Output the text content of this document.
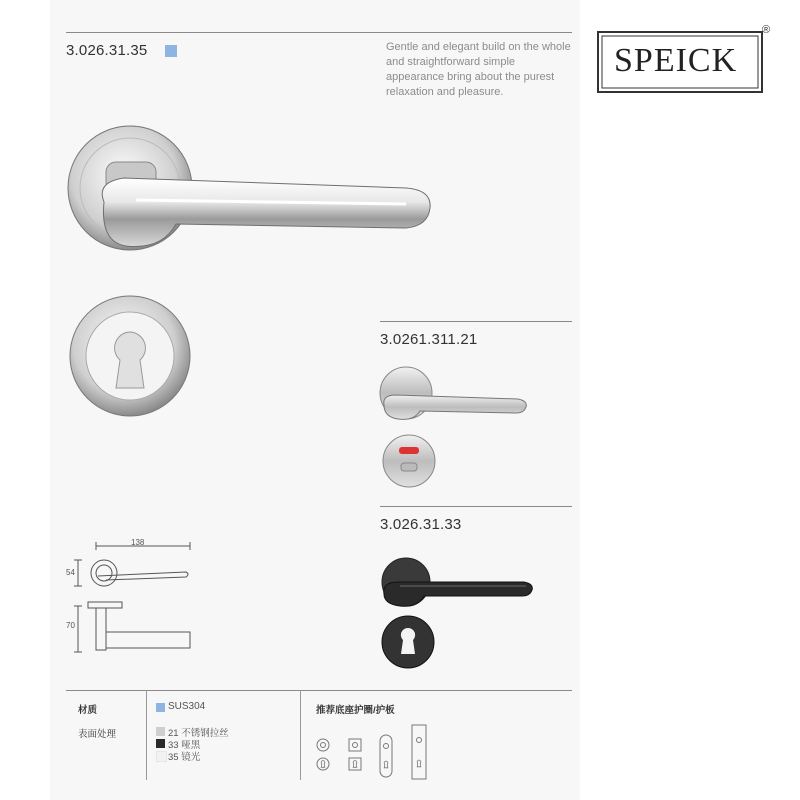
3.026.31.35	Gentle and elegant build on the whole and straightforward simple appearance bring about the purest relaxation and pleasure.
SPEICK
®
3.0261.311.21
3.026.31.33
138
54
70
材质	SUS304
表面处理	21 不锈钢拉丝
33 哑黑
35 镜光
推荐底座护圈/护板
